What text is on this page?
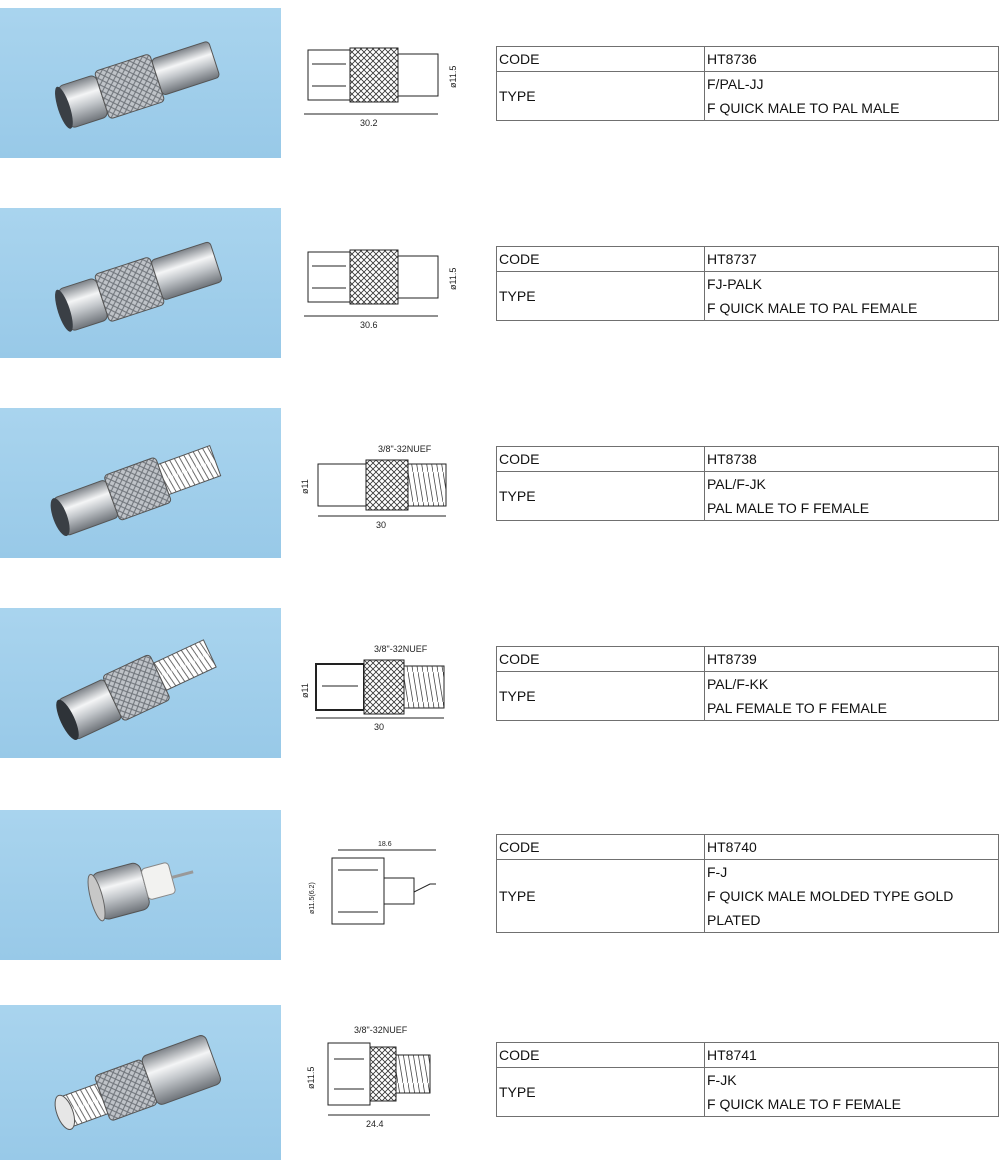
30.2
ø11.5
CODE	HT8736
TYPE	F/PAL-JJ
F QUICK MALE TO PAL MALE
30.6
ø11.5
CODE	HT8737
TYPE	FJ-PALK
F QUICK MALE TO PAL FEMALE
3/8"-32NUEF
30
ø11
CODE	HT8738
TYPE	PAL/F-JK
PAL MALE TO F FEMALE
3/8"-32NUEF
30
ø11
CODE	HT8739
TYPE	PAL/F-KK
PAL FEMALE TO F FEMALE
18.6
ø11.5(6.2)
CODE	HT8740
TYPE	F-J
F QUICK MALE MOLDED TYPE GOLD
PLATED
3/8"-32NUEF
24.4
ø11.5
CODE	HT8741
TYPE	F-JK
F QUICK MALE TO F FEMALE
